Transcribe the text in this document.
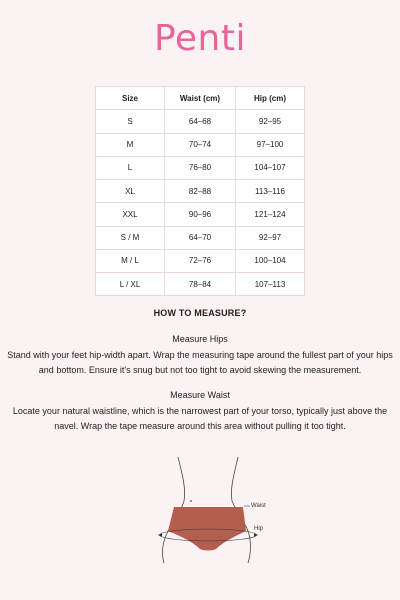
Penti
Size	Waist (cm)	Hip (cm)
S	64–68	92–95
M	70–74	97–100
L	76–80	104–107
XL	82–88	113–116
XXL	90–96	121–124
S / M	64–70	92–97
M / L	72–76	100–104
L / XL	78–84	107–113
HOW TO MEASURE?
Measure Hips
Stand with your feet hip-width apart. Wrap the measuring tape around the fullest part of your hips and bottom. Ensure it's snug but not too tight to avoid skewing the measurement.
Measure Waist
Locate your natural waistline, which is the narrowest part of your torso, typically just above the navel. Wrap the tape measure around this area without pulling it too tight.
Waist
Hip
